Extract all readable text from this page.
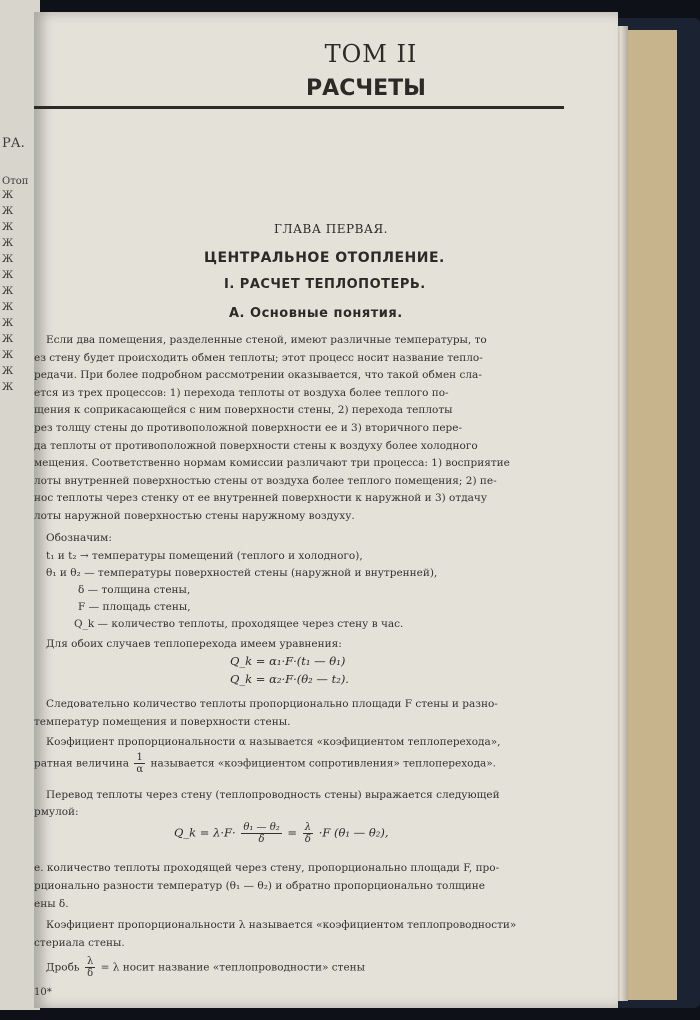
РА.
Отоп
Ж
Ж
Ж
Ж
Ж
Ж
Ж
Ж
Ж
Ж
Ж
Ж
Ж
ТОМ II
РАСЧЕТЫ
ГЛАВА ПЕРВАЯ.
ЦЕНТРАЛЬНОЕ ОТОПЛЕНИЕ.
I. РАСЧЕТ ТЕПЛОПОТЕРЬ.
А. Основные понятия.
Если два помещения, разделенные стеной, имеют различные температуры, то
ез стену будет происходить обмен теплоты; этот процесс носит название тепло-
редачи. При более подробном рассмотрении оказывается, что такой обмен сла-
ется из трех процессов: 1) перехода теплоты от воздуха более теплого по-
щения к соприкасающейся с ним поверхности стены, 2) перехода теплоты
рез толщу стены до противоположной поверхности ее и 3) вторичного пере-
да теплоты от противоположной поверхности стены к воздуху более холодного
мещения. Соответственно нормам комиссии различают три процесса: 1) восприятие
лоты внутренней поверхностью стены от воздуха более теплого помещения; 2) пе-
нос теплоты через стенку от ее внутренней поверхности к наружной и 3) отдачу
лоты наружной поверхностью стены наружному воздуху.
Обозначим:
t₁ и t₂ → температуры помещений (теплого и холодного),
θ₁ и θ₂ — температуры поверхностей стены (наружной и внутренней),
δ — толщина стены,
F — площадь стены,
Q_k — количество теплоты, проходящее через стену в час.
Для обоих случаев теплоперехода имеем уравнения:
Q_k = α₁·F·(t₁ — θ₁)
Q_k = α₂·F·(θ₂ — t₂).
Следовательно количество теплоты пропорционально площади F стены и разно-
температур помещения и поверхности стены.
Коэфициент пропорциональности α называется «коэфициентом теплоперехода»,
ратная величина $\frac{1}{\alpha}$ называется «коэфициентом сопротивления» теплоперехода».
Перевод теплоты через стену (теплопроводность стены) выражается следующей
рмулой:
Q_k = $\lambda\cdot F\cdot \frac{\text{θ₁ — θ₂}}{\delta} = \frac{\lambda}{\delta} \cdot F$ (θ₁ — θ₂),
е. количество теплоты проходящей через стену, пропорционально площади F, про-
рционально разности температур (θ₁ — θ₂) и обратно пропорционально толщине
ены δ.
Коэфициент пропорциональности λ называется «коэфициентом теплопроводности»
стериала стены.
Дробь $\frac{\lambda}{\delta} = \lambda$ носит название «теплопроводности» стены
10*
